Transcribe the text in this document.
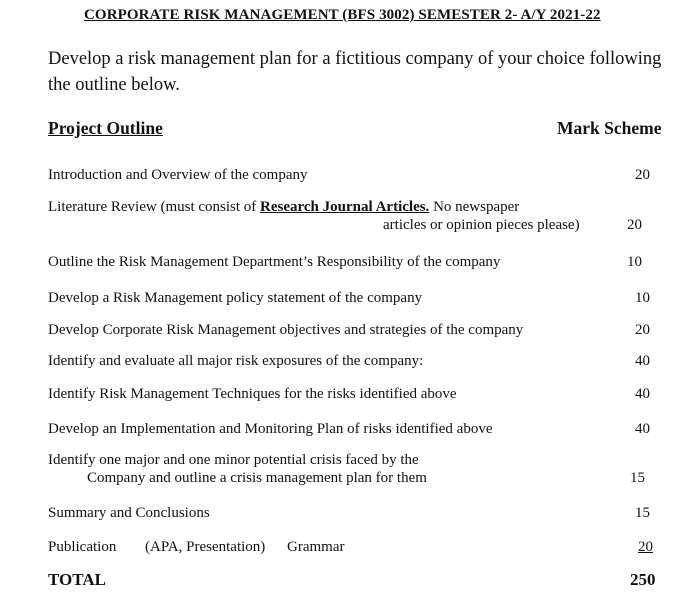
CORPORATE RISK MANAGEMENT (BFS 3002) SEMESTER 2- A/Y 2021-22
Develop a risk management plan for a fictitious company of your choice following the outline below.
Project Outline	Mark Scheme
Introduction and Overview of the company	20
Literature Review (must consist of Research Journal Articles. No newspaper
articles or opinion pieces please)	20
Outline the Risk Management Department’s Responsibility of the company	10
Develop a Risk Management policy statement of the company	10
Develop Corporate Risk Management objectives and strategies of the company	20
Identify and evaluate all major risk exposures of the company:	40
Identify Risk Management Techniques for the risks identified above	40
Develop an Implementation and Monitoring Plan of risks identified above	40
Identify one major and one minor potential crisis faced by the
Company and outline a crisis management plan for them	15
Summary and Conclusions	15
Publication (APA, Presentation) Grammar	20
TOTAL	250
